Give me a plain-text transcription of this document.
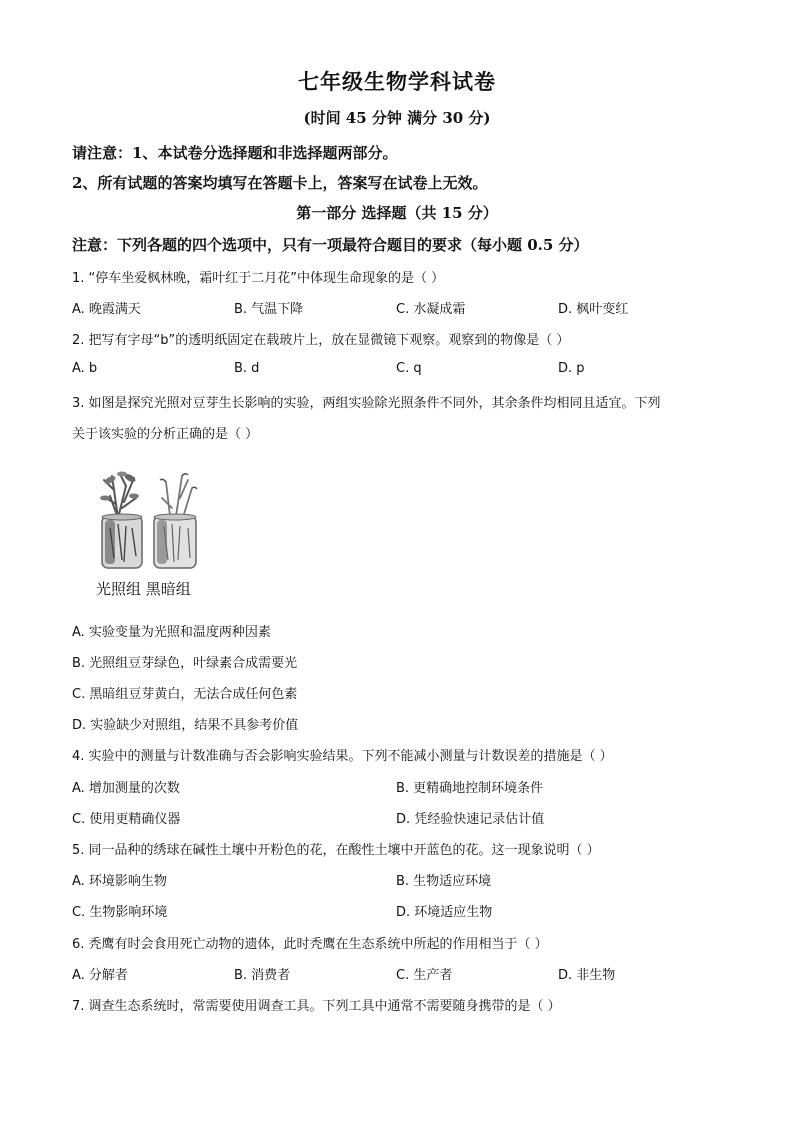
七年级生物学科试卷
(时间 45 分钟 满分 30 分)
请注意：1、本试卷分选择题和非选择题两部分。
2、所有试题的答案均填写在答题卡上，答案写在试卷上无效。
第一部分 选择题（共 15 分）
注意：下列各题的四个选项中，只有一项最符合题目的要求（每小题 0.5 分）
1. “停车坐爱枫林晚，霜叶红于二月花”中体现生命现象的是（ ）
A. 晚霞满天	B. 气温下降	C. 水凝成霜	D. 枫叶变红
2. 把写有字母“b”的透明纸固定在载玻片上，放在显微镜下观察。观察到的物像是（ ）
A. b	B. d	C. q	D. p
3. 如图是探究光照对豆芽生长影响的实验，两组实验除光照条件不同外，其余条件均相同且适宜。下列
关于该实验的分析正确的是（ ）
光照组 黑暗组
A. 实验变量为光照和温度两种因素
B. 光照组豆芽绿色，叶绿素合成需要光
C. 黑暗组豆芽黄白，无法合成任何色素
D. 实验缺少对照组，结果不具参考价值
4. 实验中的测量与计数准确与否会影响实验结果。下列不能减小测量与计数误差的措施是（ ）
A. 增加测量的次数	B. 更精确地控制环境条件
C. 使用更精确仪器	D. 凭经验快速记录估计值
5. 同一品种的绣球在碱性土壤中开粉色的花，在酸性土壤中开蓝色的花。这一现象说明（ ）
A. 环境影响生物	B. 生物适应环境
C. 生物影响环境	D. 环境适应生物
6. 秃鹰有时会食用死亡动物的遗体，此时秃鹰在生态系统中所起的作用相当于（ ）
A. 分解者	B. 消费者	C. 生产者	D. 非生物
7. 调查生态系统时，常需要使用调查工具。下列工具中通常不需要随身携带的是（ ）
